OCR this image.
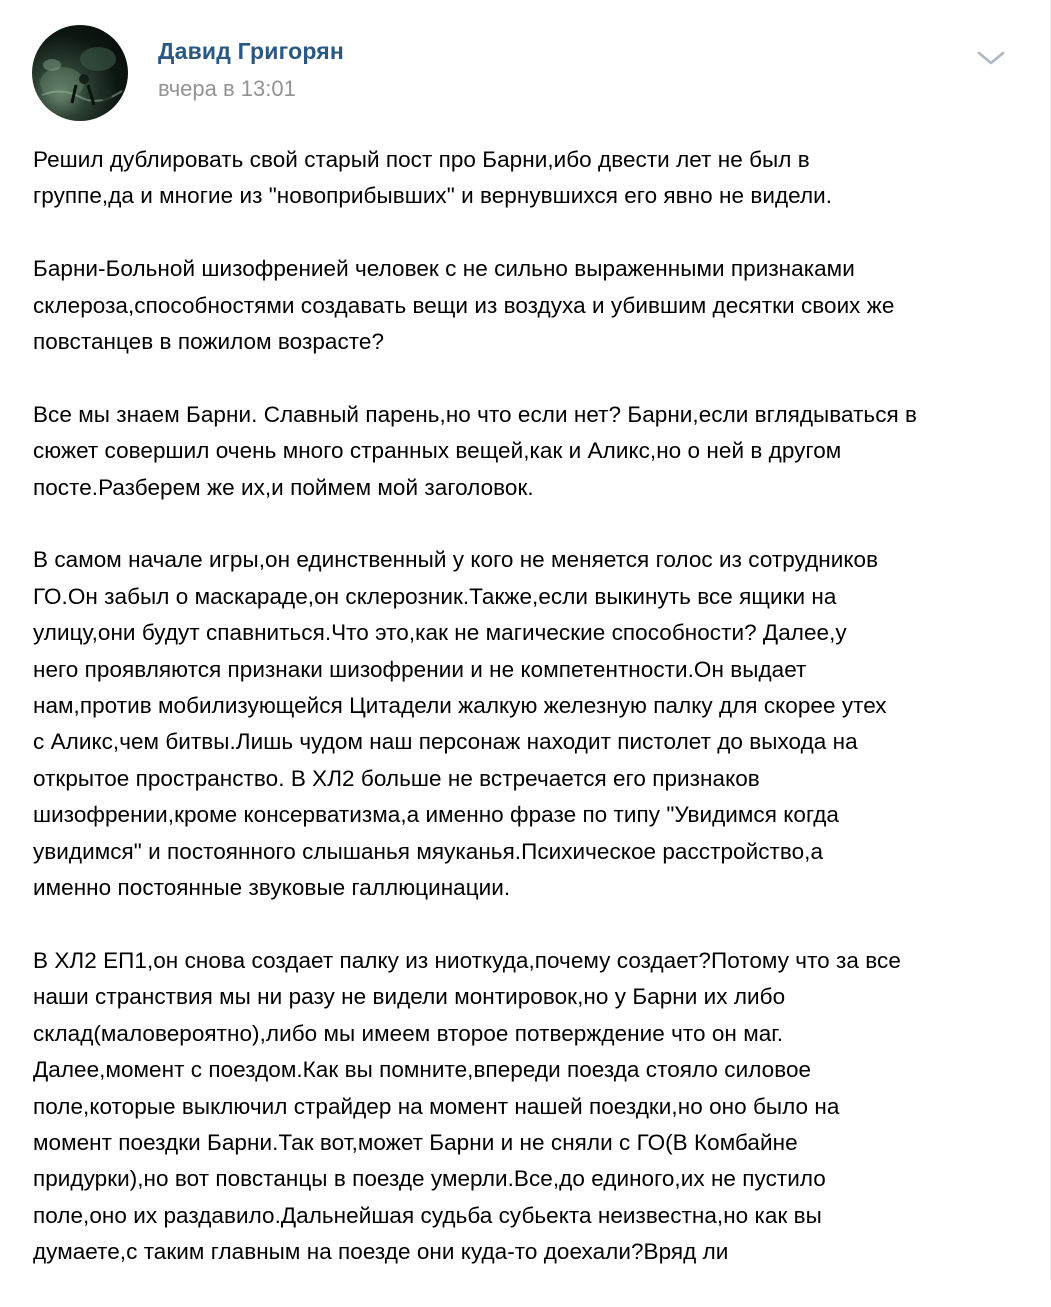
Давид Григорян
вчера в 13:01
Решил дублировать свой старый пост про Барни,ибо двести лет не был в
группе,да и многие из "новоприбывших" и вернувшихся его явно не видели.
Барни-Больной шизофренией человек с не сильно выраженными признаками
склероза,способностями создавать вещи из воздуха и убившим десятки своих же
повстанцев в пожилом возрасте?
Все мы знаем Барни. Славный парень,но что если нет? Барни,если вглядываться в
сюжет совершил очень много странных вещей,как и Аликс,но о ней в другом
посте.Разберем же их,и поймем мой заголовок.
В самом начале игры,он единственный у кого не меняется голос из сотрудников
ГО.Он забыл о маскараде,он склерозник.Также,если выкинуть все ящики на
улицу,они будут спавниться.Что это,как не магические способности? Далее,у
него проявляются признаки шизофрении и не компетентности.Он выдает
нам,против мобилизующейся Цитадели жалкую железную палку для скорее утех
с Аликс,чем битвы.Лишь чудом наш персонаж находит пистолет до выхода на
открытое пространство. В ХЛ2 больше не встречается его признаков
шизофрении,кроме консерватизма,а именно фразе по типу "Увидимся когда
увидимся" и постоянного слышанья мяуканья.Психическое расстройство,а
именно постоянные звуковые галлюцинации.
В ХЛ2 ЕП1,он снова создает палку из ниоткуда,почему создает?Потому что за все
наши странствия мы ни разу не видели монтировок,но у Барни их либо
склад(маловероятно),либо мы имеем второе потверждение что он маг.
Далее,момент с поездом.Как вы помните,впереди поезда стояло силовое
поле,которые выключил страйдер на момент нашей поездки,но оно было на
момент поездки Барни.Так вот,может Барни и не сняли с ГО(В Комбайне
придурки),но вот повстанцы в поезде умерли.Все,до единого,их не пустило
поле,оно их раздавило.Дальнейшая судьба субьекта неизвестна,но как вы
думаете,с таким главным на поезде они куда-то доехали?Вряд ли
